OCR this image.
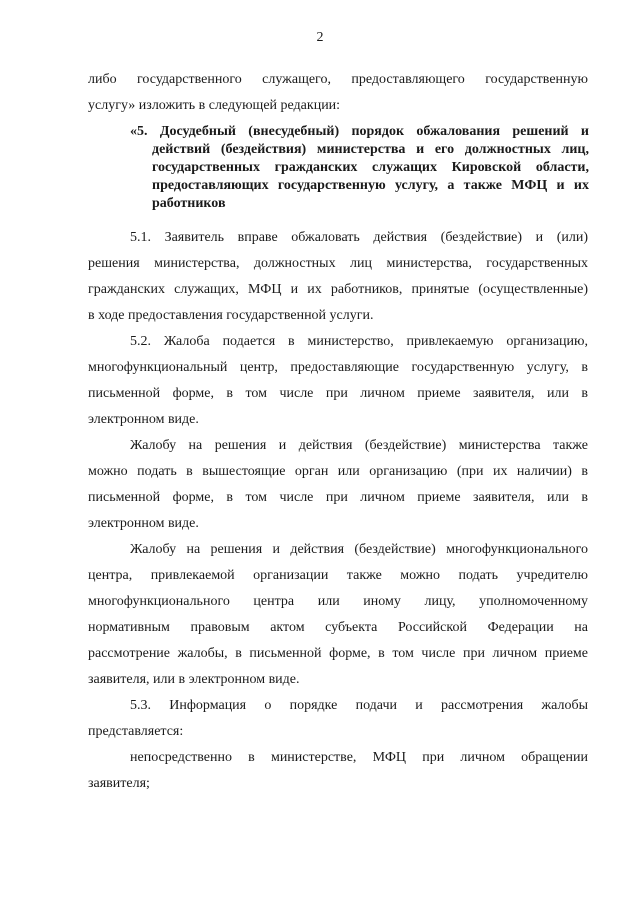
2
либо государственного служащего, предоставляющего государственную
услугу» изложить в следующей редакции:
«5. Досудебный (внесудебный) порядок обжалования решений и
действий (бездействия) министерства и его должностных лиц,
государственных гражданских служащих Кировской области,
предоставляющих государственную услугу, а также МФЦ и их
работников
5.1. Заявитель вправе обжаловать действия (бездействие) и (или)
решения министерства, должностных лиц министерства, государственных
гражданских служащих, МФЦ и их работников, принятые (осуществленные)
в ходе предоставления государственной услуги.
5.2. Жалоба подается в министерство, привлекаемую организацию,
многофункциональный центр, предоставляющие государственную услугу, в
письменной форме, в том числе при личном приеме заявителя, или в
электронном виде.
Жалобу на решения и действия (бездействие) министерства также
можно подать в вышестоящие орган или организацию (при их наличии) в
письменной форме, в том числе при личном приеме заявителя, или в
электронном виде.
Жалобу на решения и действия (бездействие) многофункционального
центра, привлекаемой организации также можно подать учредителю
многофункционального центра или иному лицу, уполномоченному
нормативным правовым актом субъекта Российской Федерации на
рассмотрение жалобы, в письменной форме, в том числе при личном приеме
заявителя, или в электронном виде.
5.3. Информация о порядке подачи и рассмотрения жалобы
представляется:
непосредственно в министерстве, МФЦ при личном обращении
заявителя;
